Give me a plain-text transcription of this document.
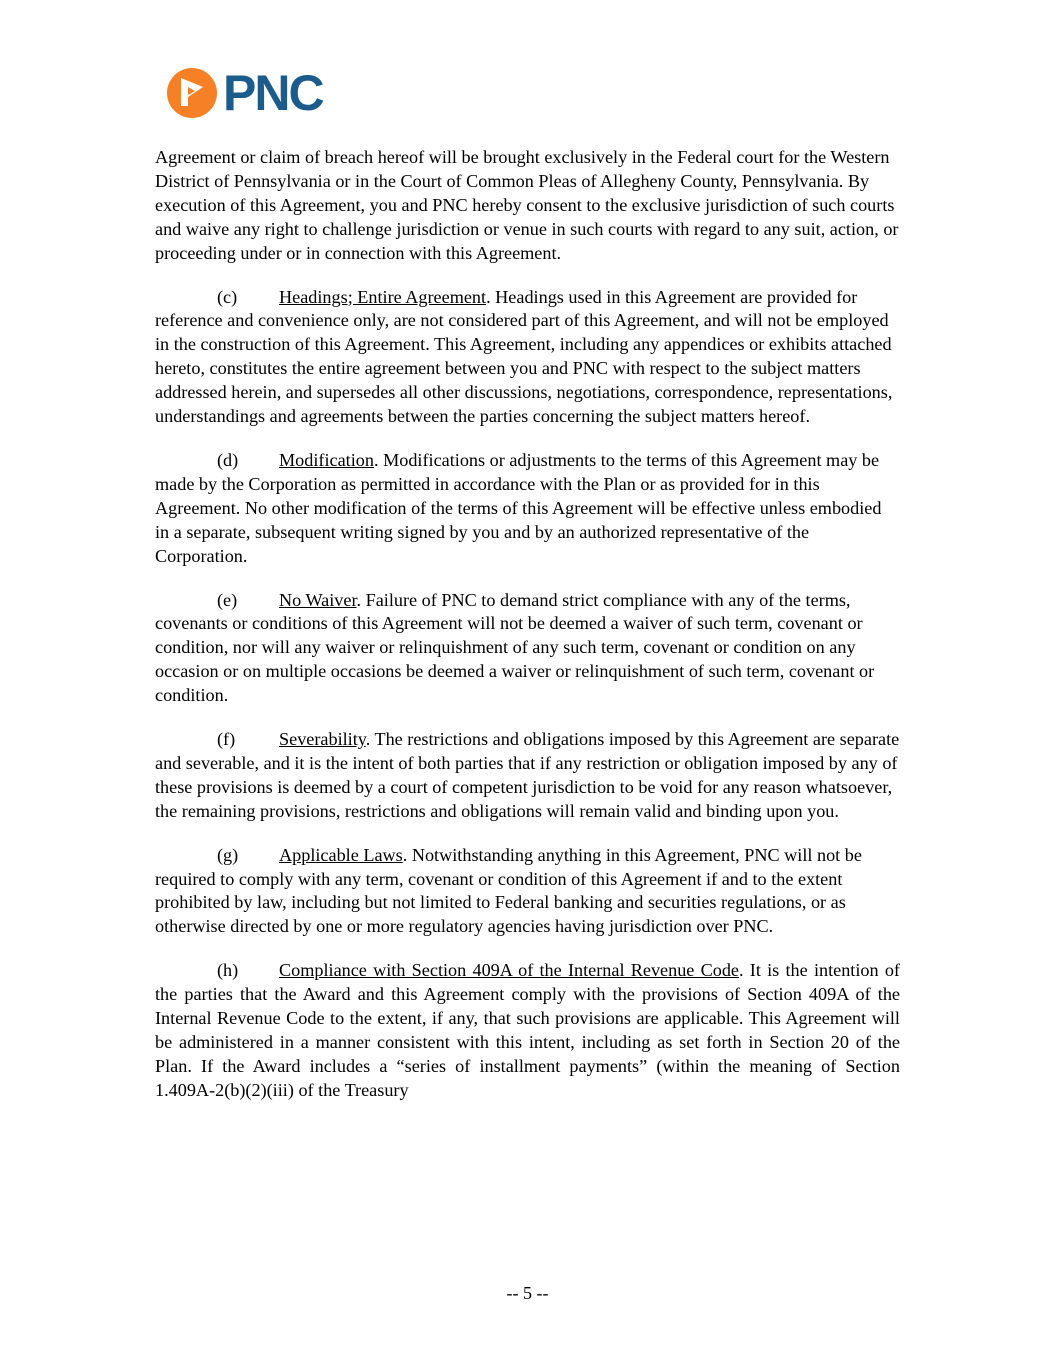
PNC

Agreement or claim of breach hereof will be brought exclusively in the Federal court for the Western District of Pennsylvania or in the Court of Common Pleas of Allegheny County, Pennsylvania. By execution of this Agreement, you and PNC hereby consent to the exclusive jurisdiction of such courts and waive any right to challenge jurisdiction or venue in such courts with regard to any suit, action, or proceeding under or in connection with this Agreement.

(c) Headings; Entire Agreement. Headings used in this Agreement are provided for reference and convenience only, are not considered part of this Agreement, and will not be employed in the construction of this Agreement. This Agreement, including any appendices or exhibits attached hereto, constitutes the entire agreement between you and PNC with respect to the subject matters addressed herein, and supersedes all other discussions, negotiations, correspondence, representations, understandings and agreements between the parties concerning the subject matters hereof.

(d) Modification. Modifications or adjustments to the terms of this Agreement may be made by the Corporation as permitted in accordance with the Plan or as provided for in this Agreement. No other modification of the terms of this Agreement will be effective unless embodied in a separate, subsequent writing signed by you and by an authorized representative of the Corporation.

(e) No Waiver. Failure of PNC to demand strict compliance with any of the terms, covenants or conditions of this Agreement will not be deemed a waiver of such term, covenant or condition, nor will any waiver or relinquishment of any such term, covenant or condition on any occasion or on multiple occasions be deemed a waiver or relinquishment of such term, covenant or condition.

(f) Severability. The restrictions and obligations imposed by this Agreement are separate and severable, and it is the intent of both parties that if any restriction or obligation imposed by any of these provisions is deemed by a court of competent jurisdiction to be void for any reason whatsoever, the remaining provisions, restrictions and obligations will remain valid and binding upon you.

(g) Applicable Laws. Notwithstanding anything in this Agreement, PNC will not be required to comply with any term, covenant or condition of this Agreement if and to the extent prohibited by law, including but not limited to Federal banking and securities regulations, or as otherwise directed by one or more regulatory agencies having jurisdiction over PNC.

(h) Compliance with Section 409A of the Internal Revenue Code. It is the intention of the parties that the Award and this Agreement comply with the provisions of Section 409A of the Internal Revenue Code to the extent, if any, that such provisions are applicable. This Agreement will be administered in a manner consistent with this intent, including as set forth in Section 20 of the Plan. If the Award includes a “series of installment payments” (within the meaning of Section 1.409A-2(b)(2)(iii) of the Treasury

-- 5 --
